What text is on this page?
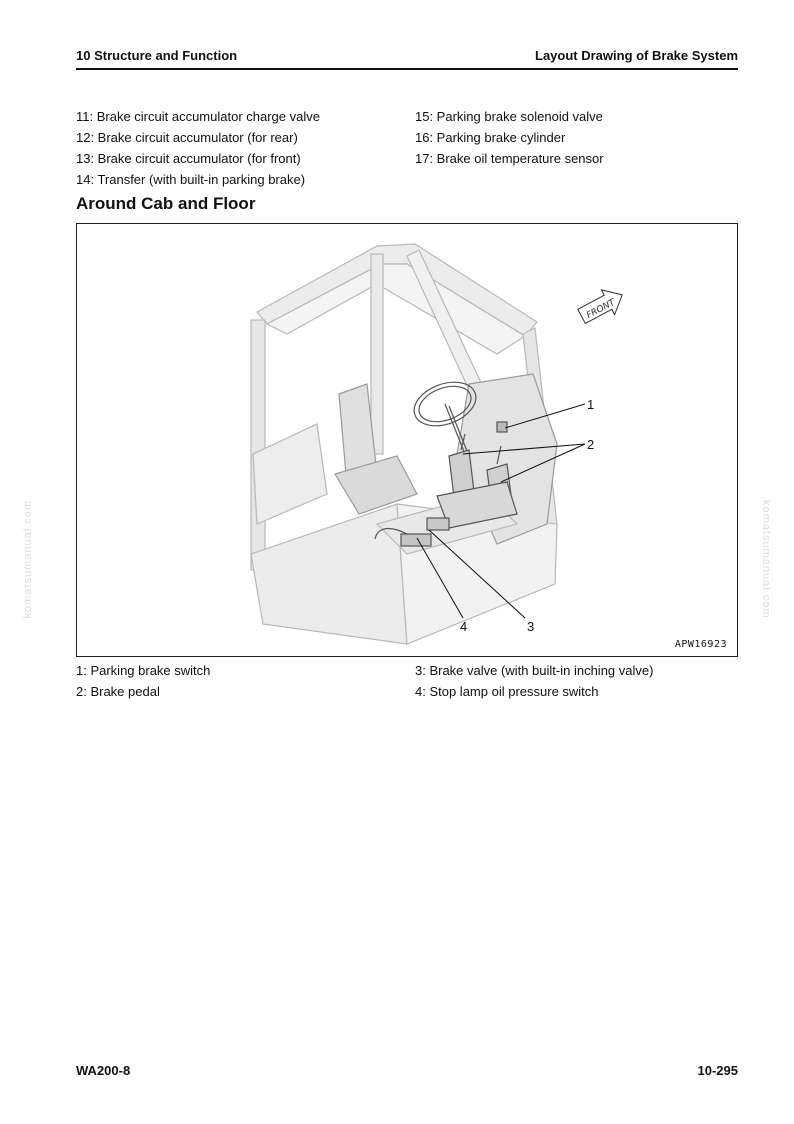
10 Structure and Function	Layout Drawing of Brake System
11: Brake circuit accumulator charge valve
12: Brake circuit accumulator (for rear)
13: Brake circuit accumulator (for front)
14: Transfer (with built-in parking brake)
15: Parking brake solenoid valve
16: Parking brake cylinder
17: Brake oil temperature sensor
Around Cab and Floor
FRONT
1
2
3
4
APW16923
1: Parking brake switch
2: Brake pedal
3: Brake valve (with built-in inching valve)
4: Stop lamp oil pressure switch
komatsumanual.com	komatsumanual.com
WA200-8	10-295
